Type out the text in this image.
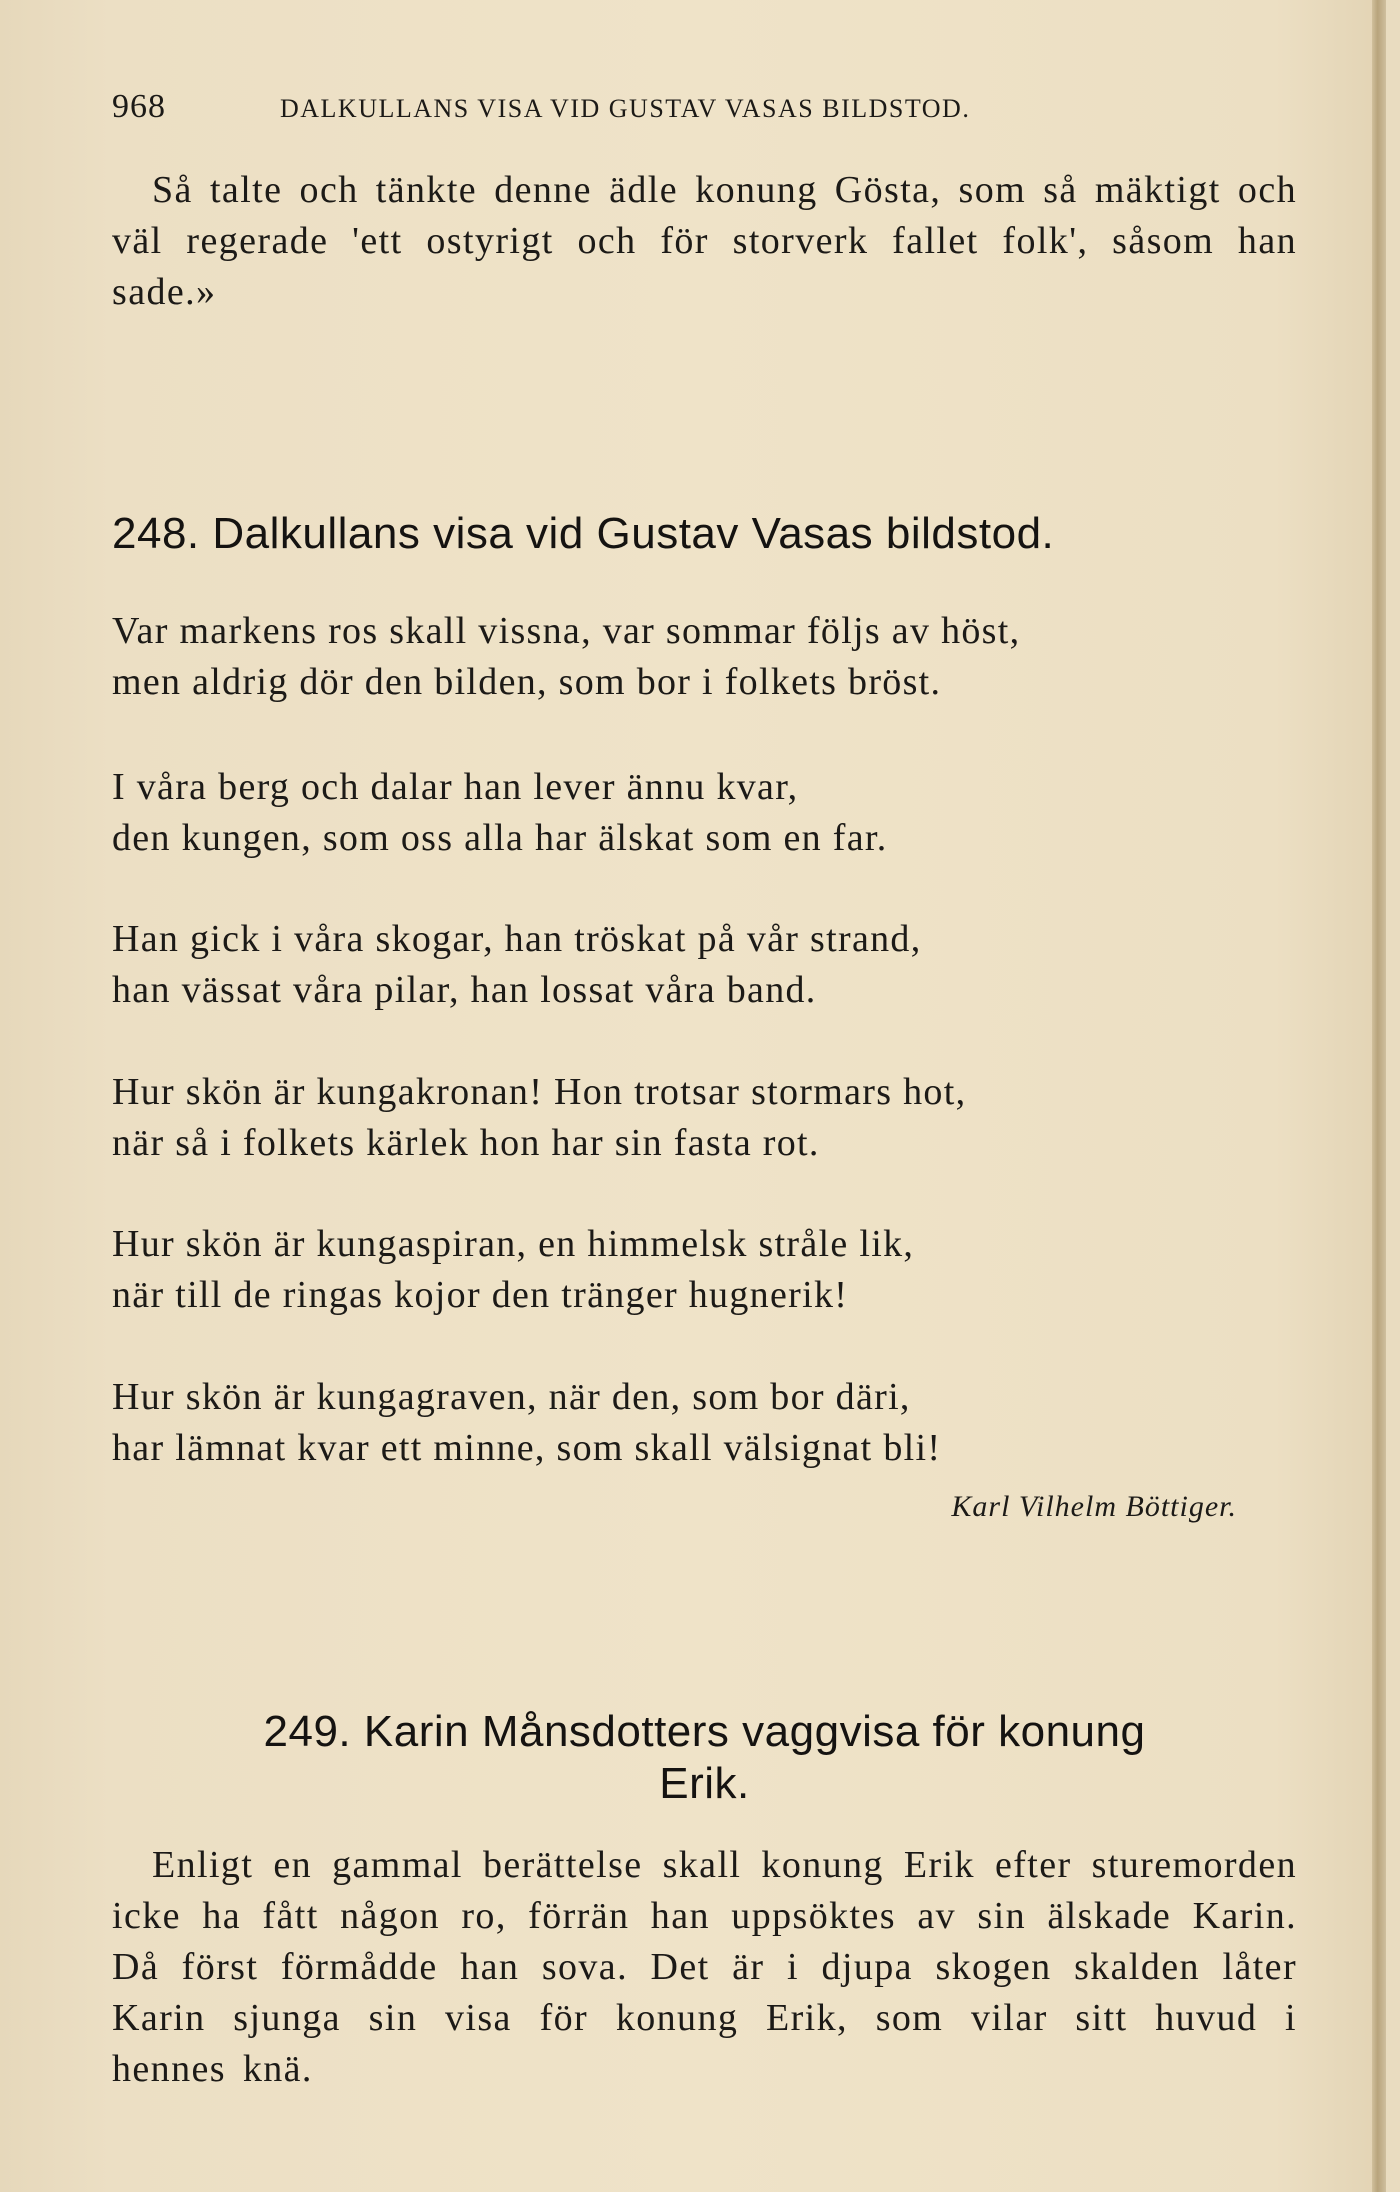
968	DALKULLANS VISA VID GUSTAV VASAS BILDSTOD.

Så talte och tänkte denne ädle konung Gösta, som så mäktigt och väl regerade 'ett ostyrigt och för storverk fallet folk', såsom han sade.»

248. Dalkullans visa vid Gustav Vasas bildstod.
Var markens ros skall vissna, var sommar följs av höst,
men aldrig dör den bilden, som bor i folkets bröst.
I våra berg och dalar han lever ännu kvar,
den kungen, som oss alla har älskat som en far.
Han gick i våra skogar, han tröskat på vår strand,
han vässat våra pilar, han lossat våra band.
Hur skön är kungakronan! Hon trotsar stormars hot,
när så i folkets kärlek hon har sin fasta rot.
Hur skön är kungaspiran, en himmelsk stråle lik,
när till de ringas kojor den tränger hugnerik!
Hur skön är kungagraven, när den, som bor däri,
har lämnat kvar ett minne, som skall välsignat bli!
Karl Vilhelm Böttiger.
249. Karin Månsdotters vaggvisa för konung
Erik.

Enligt en gammal berättelse skall konung Erik efter sturemorden icke ha fått någon ro, förrän han uppsöktes av sin älskade Karin. Då först förmådde han sova. Det är i djupa skogen skalden låter Karin sjunga sin visa för konung Erik, som vilar sitt huvud i hennes knä.
